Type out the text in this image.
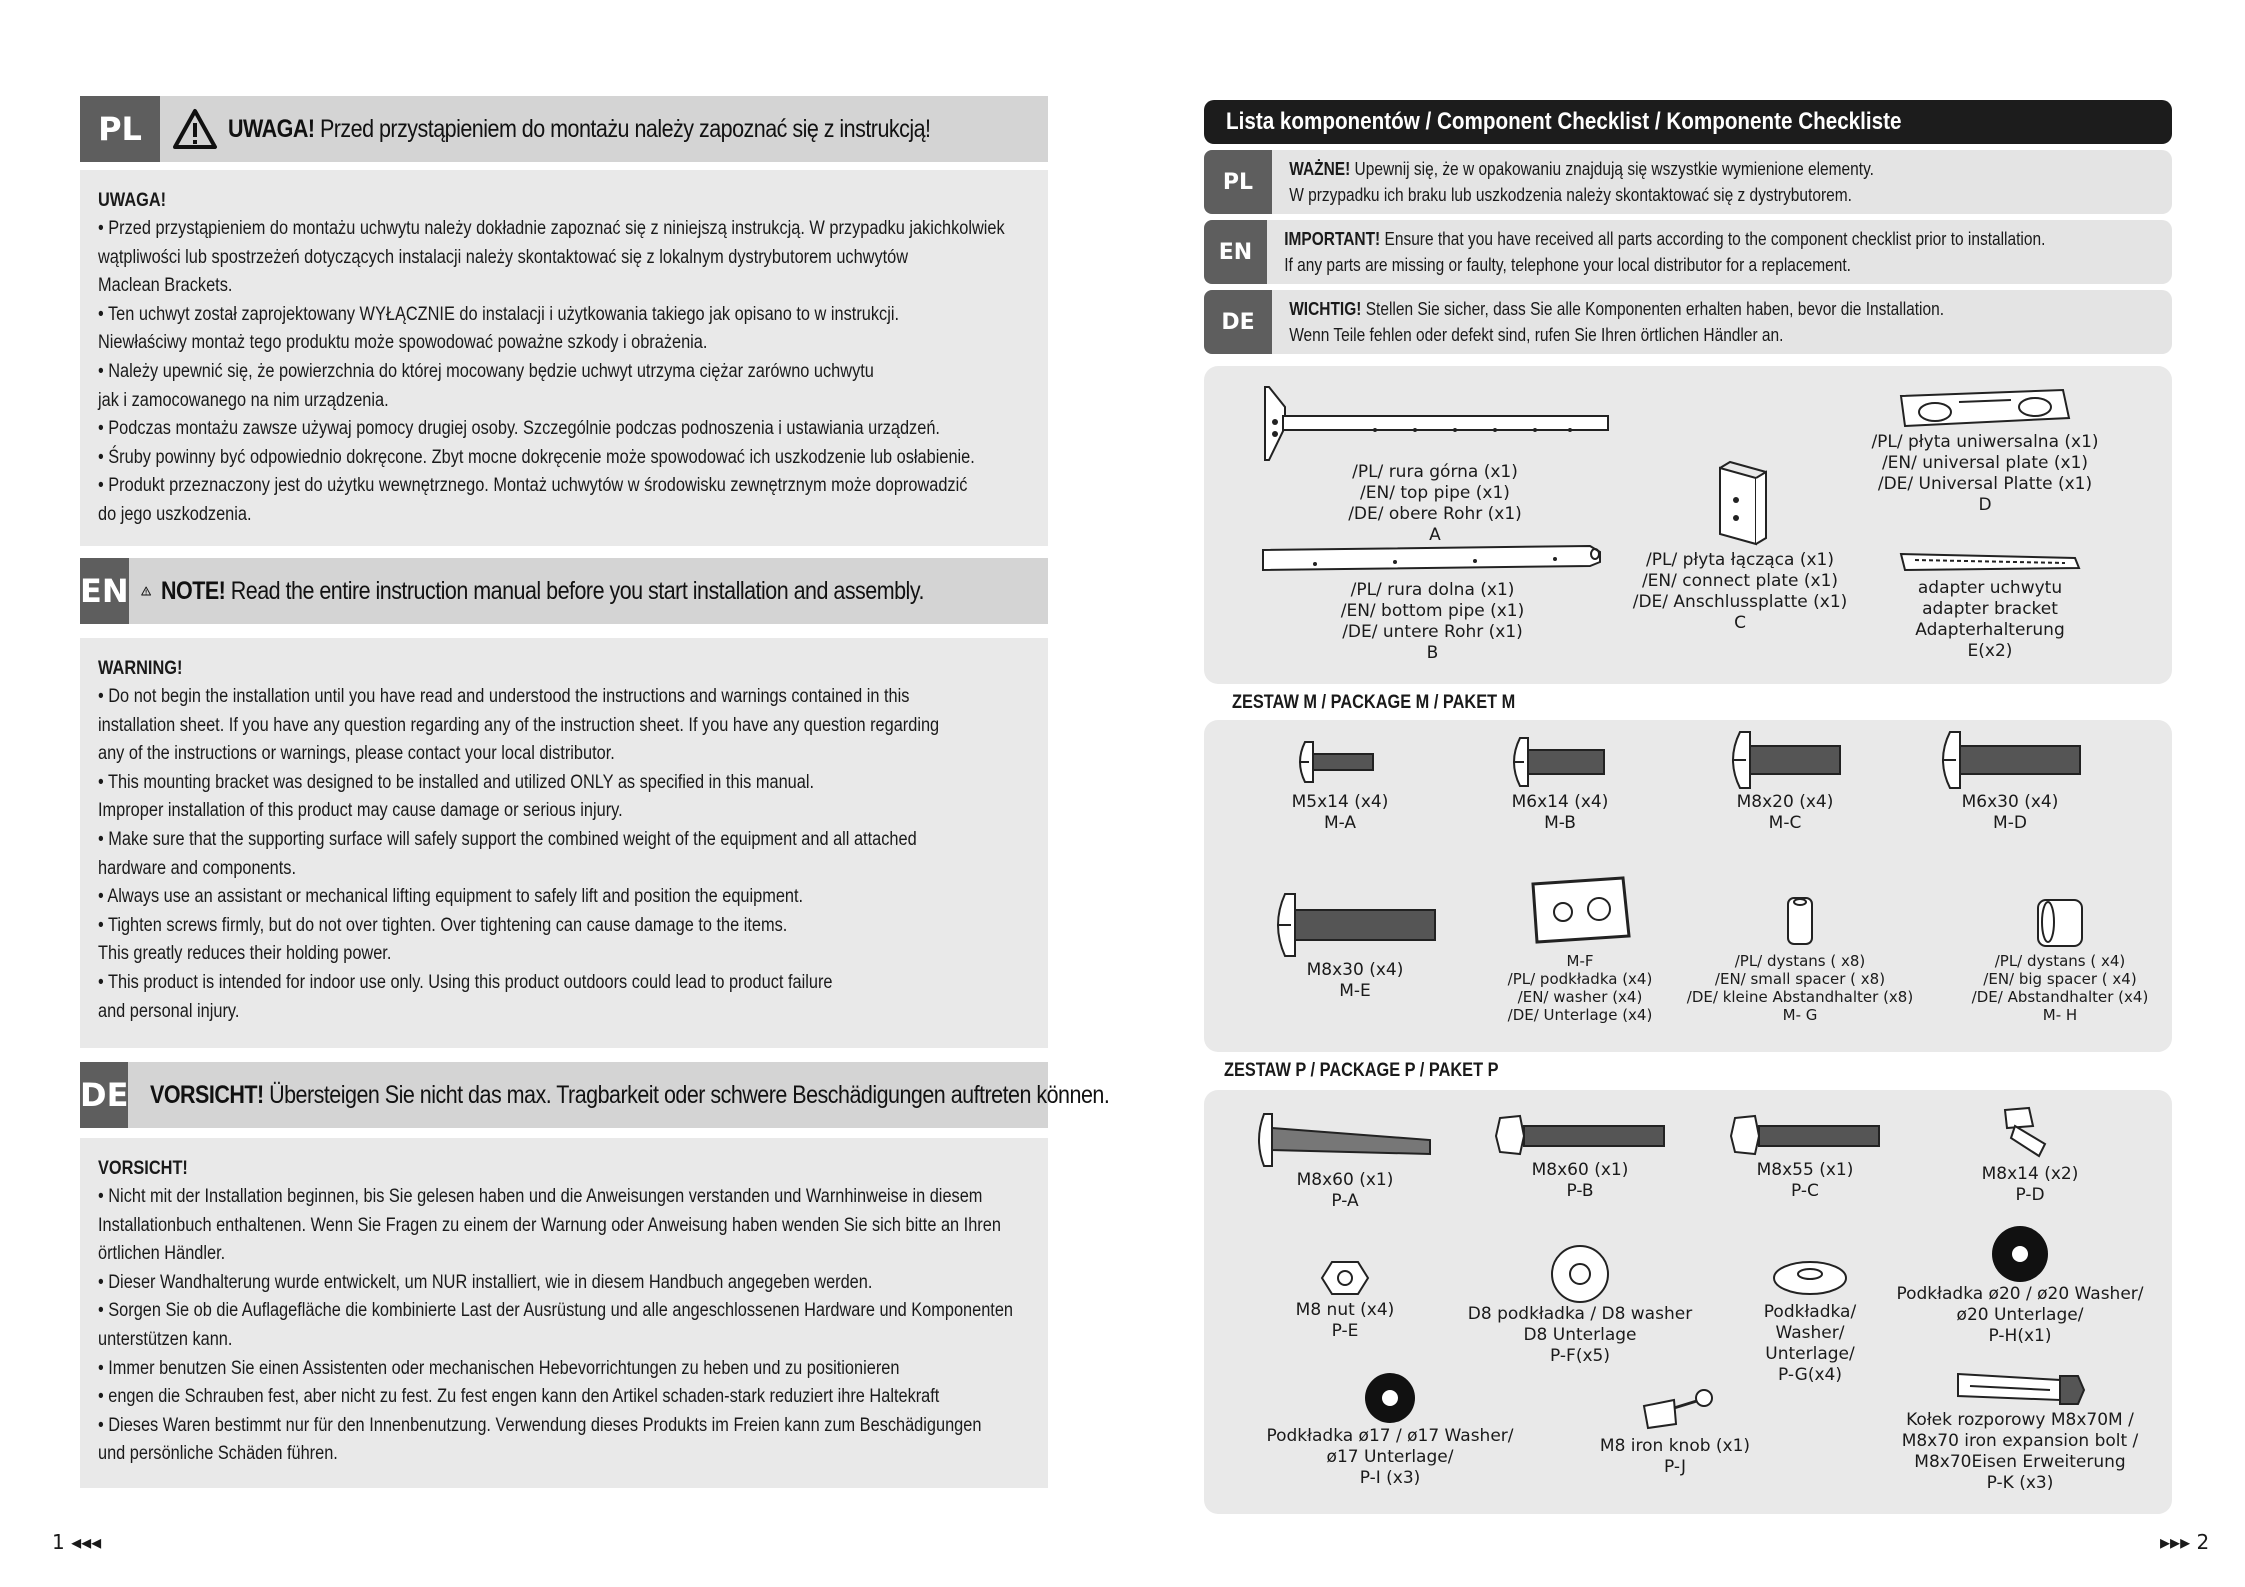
PL	UWAGA! Przed przystąpieniem do montażu należy zapoznać się z instrukcją!
UWAGA!
• Przed przystąpieniem do montażu uchwytu należy dokładnie zapoznać się z niniejszą instrukcją. W przypadku jakichkolwiek
wątpliwości lub spostrzeżeń dotyczących instalacji należy skontaktować się z lokalnym dystrybutorem uchwytów
Maclean Brackets.
• Ten uchwyt został zaprojektowany WYŁĄCZNIE do instalacji i użytkowania takiego jak opisano to w instrukcji.
Niewłaściwy montaż tego produktu może spowodować poważne szkody i obrażenia.
• Należy upewnić się, że powierzchnia do której mocowany będzie uchwyt utrzyma ciężar zarówno uchwytu
jak i zamocowanego na nim urządzenia.
• Podczas montażu zawsze używaj pomocy drugiej osoby. Szczególnie podczas podnoszenia i ustawiania urządzeń.
• Śruby powinny być odpowiednio dokręcone. Zbyt mocne dokręcenie może spowodować ich uszkodzenie lub osłabienie.
• Produkt przeznaczony jest do użytku wewnętrznego. Montaż uchwytów w środowisku zewnętrznym może doprowadzić
do jego uszkodzenia.
EN NOTE! Read the entire instruction manual before you start installation and assembly.
WARNING!
• Do not begin the installation until you have read and understood the instructions and warnings contained in this
installation sheet. If you have any question regarding any of the instruction sheet. If you have any question regarding
any of the instructions or warnings, please contact your local distributor.
• This mounting bracket was designed to be installed and utilized ONLY as specified in this manual.
Improper installation of this product may cause damage or serious injury.
• Make sure that the supporting surface will safely support the combined weight of the equipment and all attached
hardware and components.
• Always use an assistant or mechanical lifting equipment to safely lift and position the equipment.
• Tighten screws firmly, but do not over tighten. Over tightening can cause damage to the items.
This greatly reduces their holding power.
• This product is intended for indoor use only. Using this product outdoors could lead to product failure
and personal injury.
DE VORSICHT! Übersteigen Sie nicht das max. Tragbarkeit oder schwere Beschädigungen auftreten können.
VORSICHT!
• Nicht mit der Installation beginnen, bis Sie gelesen haben und die Anweisungen verstanden und Warnhinweise in diesem
Installationbuch enthaltenen. Wenn Sie Fragen zu einem der Warnung oder Anweisung haben wenden Sie sich bitte an Ihren
örtlichen Händler.
• Dieser Wandhalterung wurde entwickelt, um NUR installiert, wie in diesem Handbuch angegeben werden.
• Sorgen Sie ob die Auflagefläche die kombinierte Last der Ausrüstung und alle angeschlossenen Hardware und Komponenten
unterstützen kann.
• Immer benutzen Sie einen Assistenten oder mechanischen Hebevorrichtungen zu heben und zu positionieren
• engen die Schrauben fest, aber nicht zu fest. Zu fest engen kann den Artikel schaden-stark reduziert ihre Haltekraft
• Dieses Waren bestimmt nur für den Innenbenutzung. Verwendung dieses Produkts im Freien kann zum Beschädigungen
und persönliche Schäden führen.
1 ◂◂◂
Lista komponentów / Component Checklist / Komponente Checkliste
PL
WAŻNE! Upewnij się, że w opakowaniu znajdują się wszystkie wymienione elementy.
W przypadku ich braku lub uszkodzenia należy skontaktować się z dystrybutorem.
EN
IMPORTANT! Ensure that you have received all parts according to the component checklist prior to installation.
If any parts are missing or faulty, telephone your local distributor for a replacement.
DE
WICHTIG! Stellen Sie sicher, dass Sie alle Komponenten erhalten haben, bevor die Installation.
Wenn Teile fehlen oder defekt sind, rufen Sie Ihren örtlichen Händler an.
/PL/ rura górna (x1)
/EN/ top pipe (x1)
/DE/ obere Rohr (x1)
A
/PL/ rura dolna (x1)
/EN/ bottom pipe (x1)
/DE/ untere Rohr (x1)
B
/PL/ płyta łącząca (x1)
/EN/ connect plate (x1)
/DE/ Anschlussplatte (x1)
C
/PL/ płyta uniwersalna (x1)
/EN/ universal plate (x1)
/DE/ Universal Platte (x1)
D
adapter uchwytu
adapter bracket
Adapterhalterung
E(x2)
ZESTAW M / PACKAGE M / PAKET M
M5x14 (x4)
M-A
M6x14 (x4)
M-B
M8x20 (x4)
M-C
M6x30 (x4)
M-D
M8x30 (x4)
M-E
M-F
/PL/ podkładka (x4)
/EN/ washer (x4)
/DE/ Unterlage (x4)
/PL/ dystans ( x8)
/EN/ small spacer ( x8)
/DE/ kleine Abstandhalter (x8)
M- G
/PL/ dystans ( x4)
/EN/ big spacer ( x4)
/DE/ Abstandhalter (x4)
M- H
ZESTAW P / PACKAGE P / PAKET P
M8x60 (x1)
P-A
M8x60 (x1)
P-B
M8x55 (x1)
P-C
M8x14 (x2)
P-D
M8 nut (x4)
P-E
D8 podkładka / D8 washer
D8 Unterlage
P-F(x5)
Podkładka/
Washer/
Unterlage/
P-G(x4)
Podkładka ø20 / ø20 Washer/
ø20 Unterlage/
P-H(x1)
Podkładka ø17 / ø17 Washer/
ø17 Unterlage/
P-I (x3)
M8 iron knob (x1)
P-J
Kołek rozporowy M8x70M /
M8x70 iron expansion bolt /
M8x70Eisen Erweiterung
P-K (x3)
▸▸▸ 2
